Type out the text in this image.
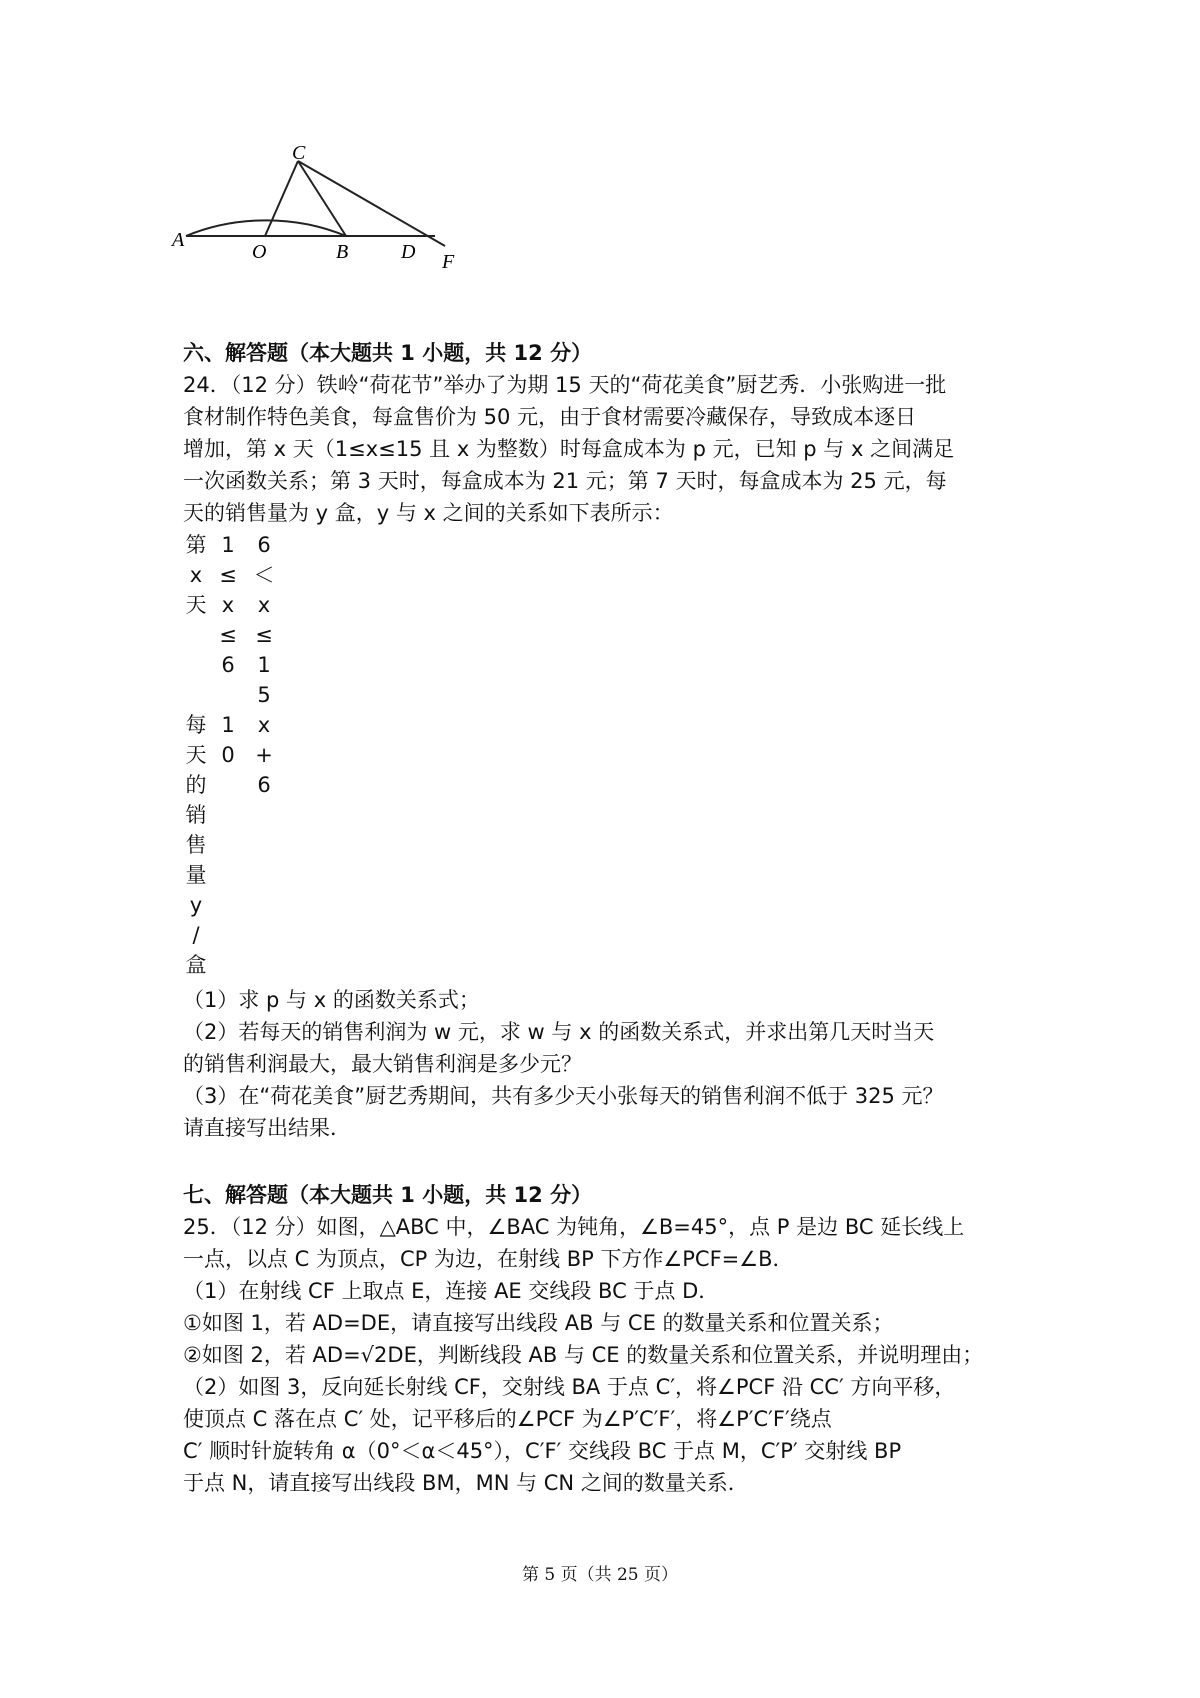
A
O	B	D F
C
六、解答题（本大题共 1 小题，共 12 分）
24．（12 分）铁岭“荷花节”举办了为期 15 天的“荷花美食”厨艺秀．小张购进一批
食材制作特色美食，每盒售价为 50 元，由于食材需要冷藏保存，导致成本逐日
增加，第 x 天（1≤x≤15 且 x 为整数）时每盒成本为 p 元，已知 p 与 x 之间满足
一次函数关系；第 3 天时，每盒成本为 21 元；第 7 天时，每盒成本为 25 元，每
天的销售量为 y 盒，y 与 x 之间的关系如下表所示：
第
x
天
每
天
的
销
售
量
y
/
盒
1
≤
x
≤
6
1
0
6
＜
x
≤
1
5
x
+
6
（1）求 p 与 x 的函数关系式；
（2）若每天的销售利润为 w 元，求 w 与 x 的函数关系式，并求出第几天时当天
的销售利润最大，最大销售利润是多少元？
（3）在“荷花美食”厨艺秀期间，共有多少天小张每天的销售利润不低于 325 元？
请直接写出结果．
七、解答题（本大题共 1 小题，共 12 分）
25．（12 分）如图，△ABC 中，∠BAC 为钝角，∠B=45°，点 P 是边 BC 延长线上
一点，以点 C 为顶点，CP 为边，在射线 BP 下方作∠PCF=∠B．
（1）在射线 CF 上取点 E，连接 AE 交线段 BC 于点 D．
①如图 1，若 AD=DE，请直接写出线段 AB 与 CE 的数量关系和位置关系；
②如图 2，若 AD=√2DE，判断线段 AB 与 CE 的数量关系和位置关系，并说明理由；
（2）如图 3，反向延长射线 CF，交射线 BA 于点 C′，将∠PCF 沿 CC′ 方向平移，
使顶点 C 落在点 C′ 处，记平移后的∠PCF 为∠P′C′F′，将∠P′C′F′绕点
C′ 顺时针旋转角 α（0°＜α＜45°），C′F′ 交线段 BC 于点 M，C′P′ 交射线 BP
于点 N，请直接写出线段 BM，MN 与 CN 之间的数量关系．
第 5 页（共 25 页）
